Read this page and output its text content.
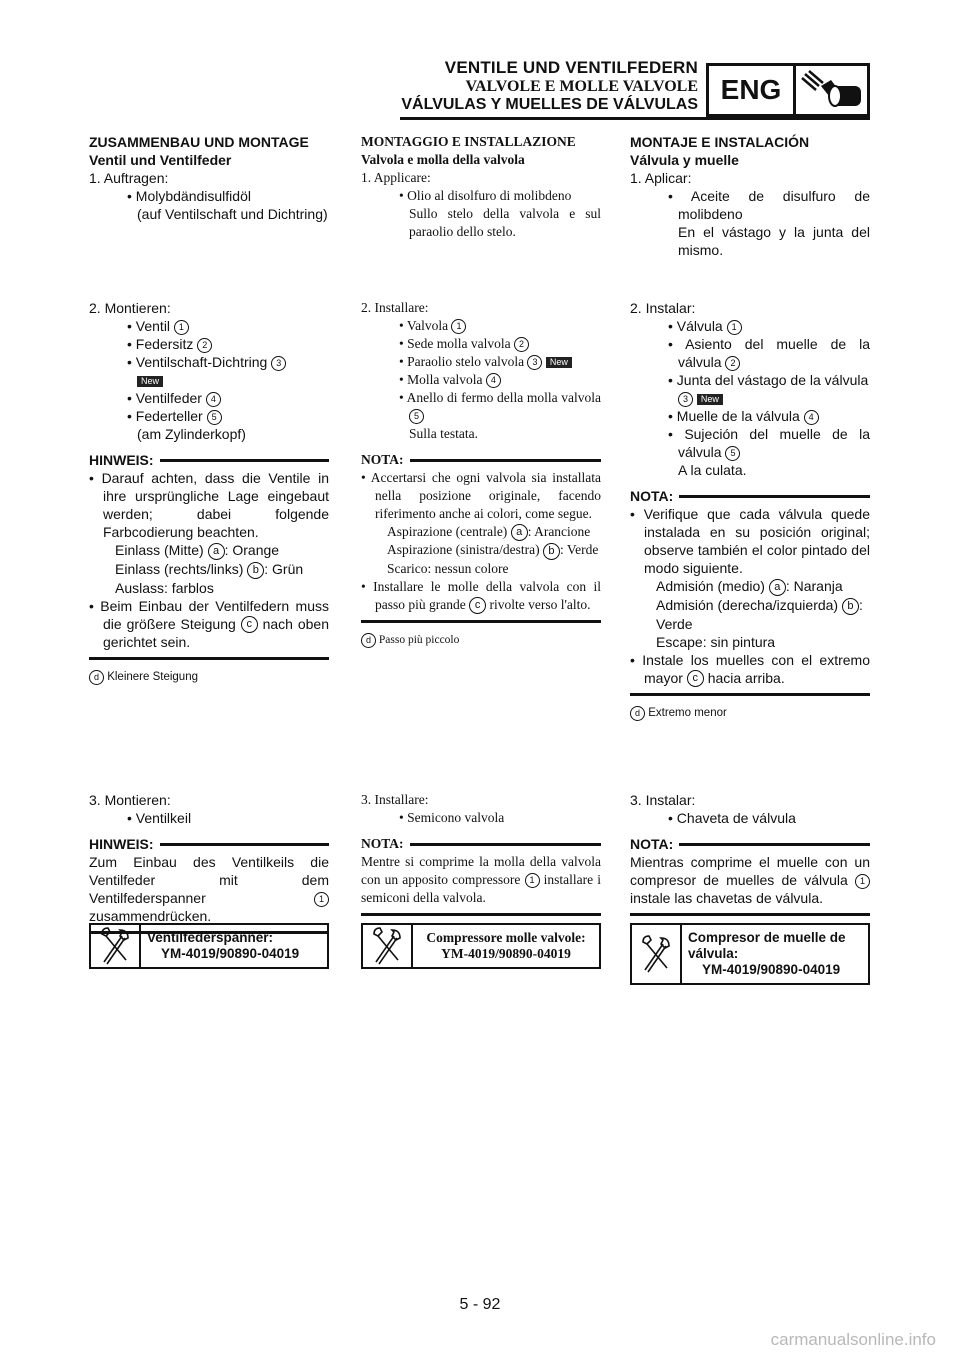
VENTILE UND VENTILFEDERN
VALVOLE E MOLLE VALVOLE
VÁLVULAS Y MUELLES DE VÁLVULAS ENG
ZUSAMMENBAU UND MONTAGE
Ventil und Ventilfeder
1. Auftragen:
• Molybdändisulfidöl
(auf Ventilschaft und Dichtring)
2. Montieren:
• Ventil 1
• Federsitz 2
• Ventilschaft-Dichtring 3
New
• Ventilfeder 4
• Federteller 5
(am Zylinderkopf)
HINWEIS:
• Darauf achten, dass die Ventile in ihre ursprüngliche Lage eingebaut werden; dabei folgende Farbcodierung beachten.
Einlass (Mitte) a : Orange
Einlass (rechts/links) b : Grün
Auslass: farblos
• Beim Einbau der Ventilfedern muss die größere Steigung c nach oben gerichtet sein.
d Kleinere Steigung
3. Montieren:
• Ventilkeil
HINWEIS:
Zum Einbau des Ventilkeils die Ventilfeder mit dem Ventilfederspanner	1 zusammendrücken.
Ventilfederspanner:
YM-4019/90890-04019
MONTAGGIO E INSTALLAZIONE
Valvola e molla della valvola
1. Applicare:
• Olio al disolfuro di molibdeno
Sullo stelo della valvola e sul paraolio dello stelo.
2. Installare:
• Valvola 1
• Sede molla valvola 2
• Paraolio stelo valvola 3 New
• Molla valvola 4
• Anello di fermo della molla valvola 5
Sulla testata.
NOTA:
• Accertarsi che ogni valvola sia installata nella posizione originale, facendo riferimento anche ai colori, come segue.
Aspirazione (centrale) a : Arancione
Aspirazione (sinistra/destra) b : Verde
Scarico: nessun colore
• Installare le molle della valvola con il passo più grande c rivolte verso l'alto.
d Passo più piccolo
3. Installare:
• Semicono valvola
NOTA:
Mentre si comprime la molla della valvola con un apposito compressore 1 installare i semiconi della valvola.
Compressore molle valvole:
YM-4019/90890-04019
MONTAJE E INSTALACIÓN
Válvula y muelle
1. Aplicar:
• Aceite de disulfuro de molibdeno
En el vástago y la junta del mismo.
2. Instalar:
• Válvula 1
• Asiento del muelle de la válvula 2
• Junta del vástago de la válvula 3 New
• Muelle de la válvula 4
• Sujeción del muelle de la válvula 5
A la culata.
NOTA:
• Verifique que cada válvula quede instalada en su posición original; observe también el color pintado del modo siguiente.
Admisión (medio) a : Naranja
Admisión (derecha/izquierda) b : Verde
Escape: sin pintura
• Instale los muelles con el extremo mayor c hacia arriba.
d Extremo menor
3. Instalar:
• Chaveta de válvula
NOTA:
Mientras comprime el muelle con un compresor de muelles de válvula 1 instale las chavetas de válvula.
Compresor de muelle de válvula:
YM-4019/90890-04019
5 - 92
carmanualsonline.info
